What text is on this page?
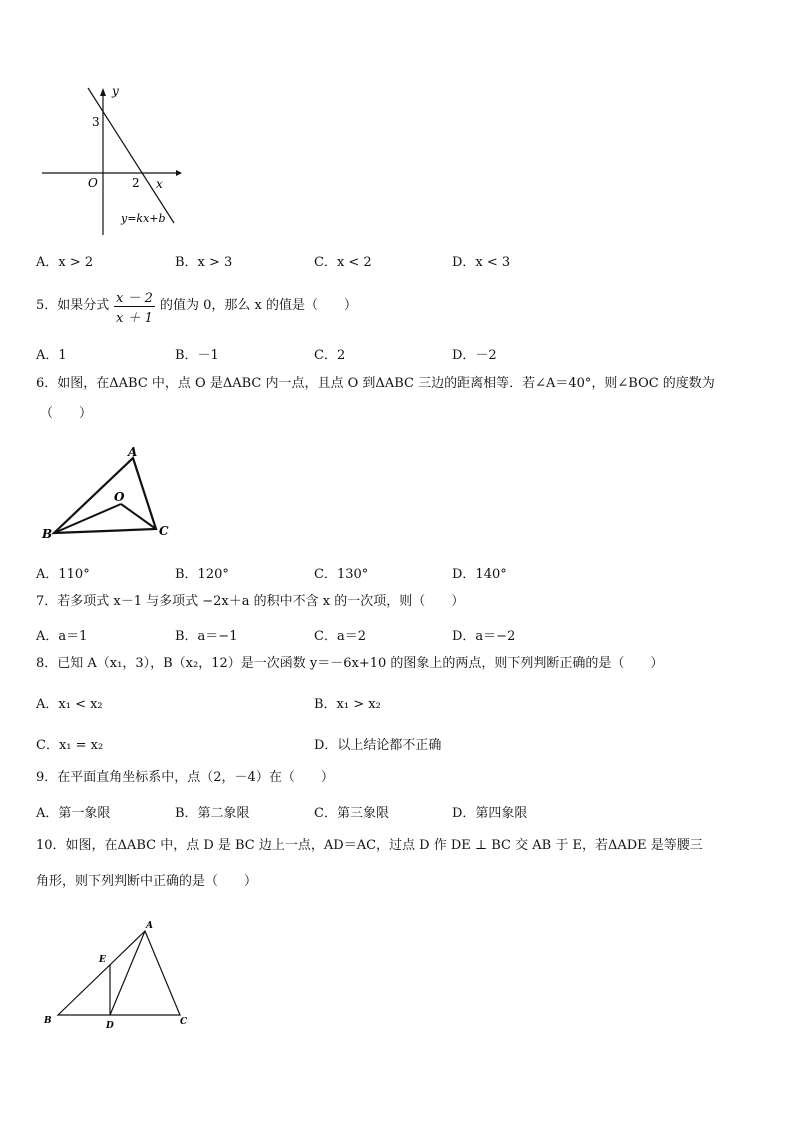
y
x
3
O	2
y=kx+b
A．x > 2	B．x > 3	C．x < 2	D．x < 3
5．如果分式 $\frac{x - 2}{x + 1}$ 的值为 0，那么 x 的值是（　　）
A．1	B．－1	C．2	D．－2
6．如图，在ΔABC 中，点 O 是ΔABC 内一点，且点 O 到ΔABC 三边的距离相等．若∠A＝40°，则∠BOC 的度数为
（　　）
A
B	C
O
A．110°	B．120°	C．130°	D．140°
7．若多项式 x－1 与多项式 −2x＋a 的积中不含 x 的一次项，则（　　）
A．a＝1	B．a＝−1	C．a＝2	D．a＝−2
8．已知 A（x₁，3），B（x₂，12）是一次函数 y＝－6x+10 的图象上的两点，则下列判断正确的是（　　）
A．x₁ < x₂	B．x₁ > x₂
C．x₁ = x₂	D．以上结论都不正确
9．在平面直角坐标系中，点（2，－4）在（　　）
A．第一象限	B．第二象限	C．第三象限	D．第四象限
10．如图，在ΔABC 中，点 D 是 BC 边上一点，AD＝AC，过点 D 作 DE ⊥ BC 交 AB 于 E，若ΔADE 是等腰三
角形，则下列判断中正确的是（　　）
A
B	C
D
E
